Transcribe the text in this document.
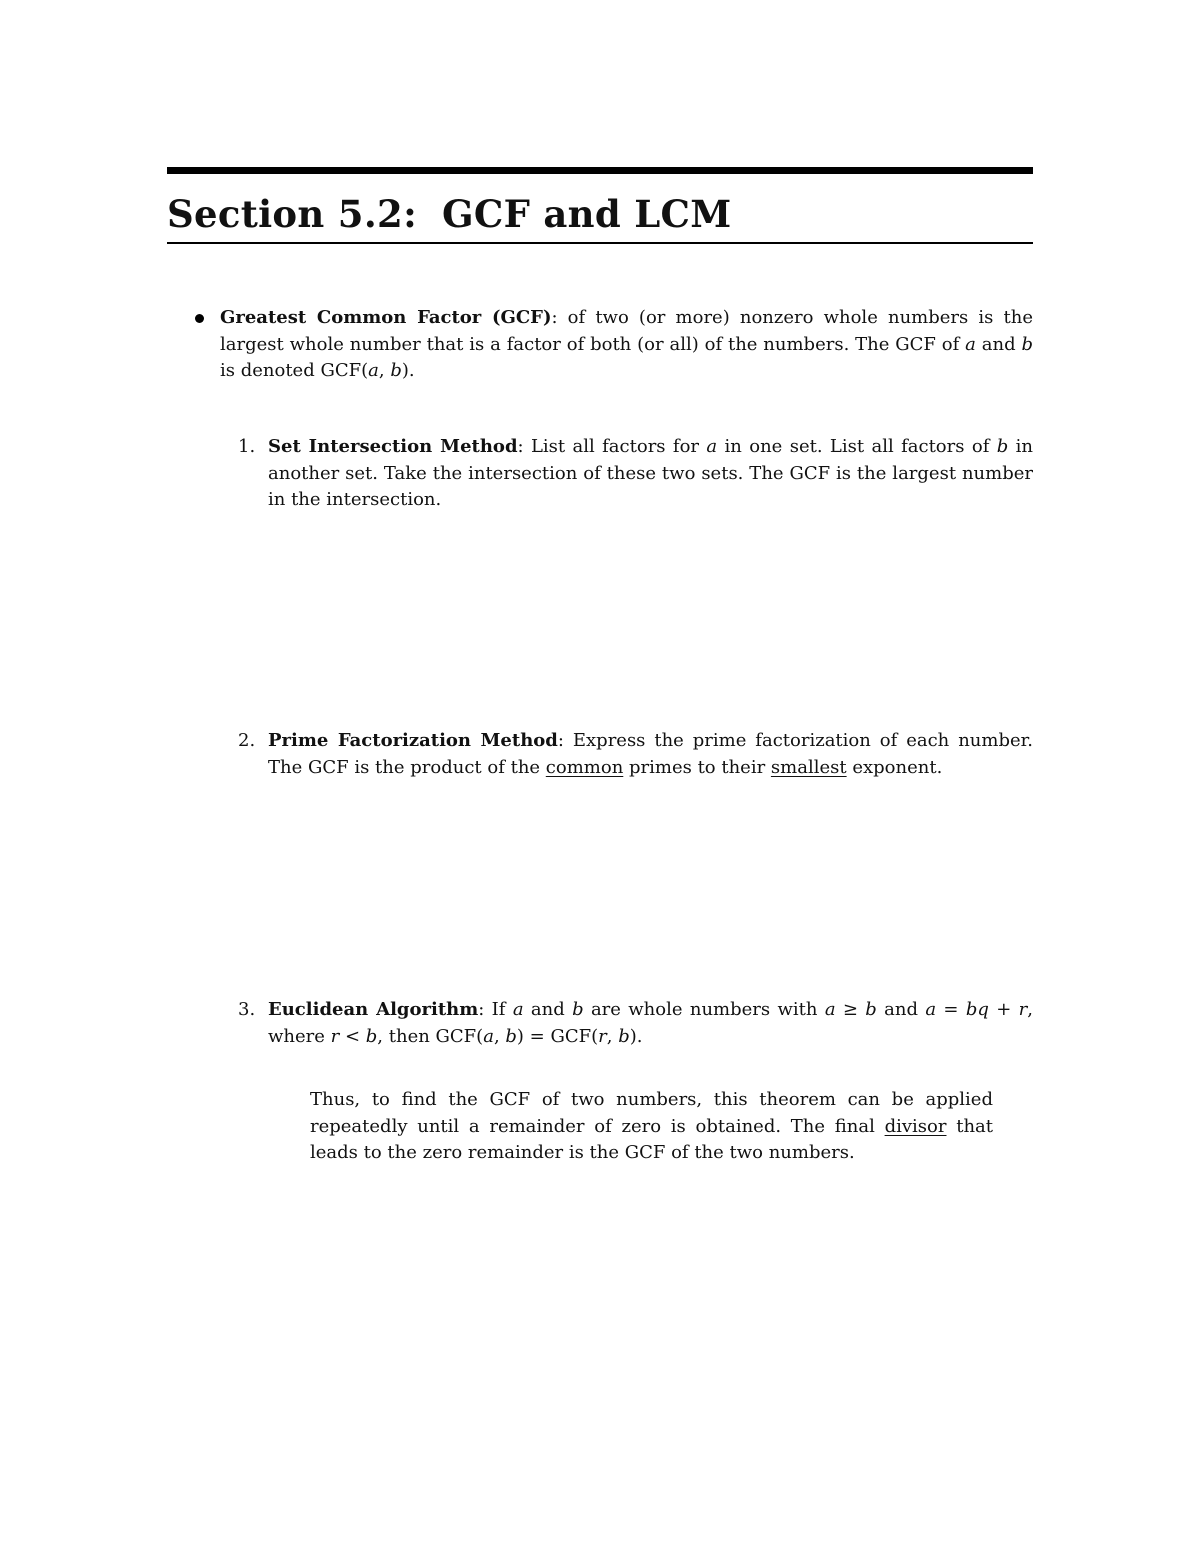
Section 5.2: GCF and LCM
Greatest Common Factor (GCF): of two (or more) nonzero whole numbers is the largest whole number that is a factor of both (or all) of the numbers. The GCF of a and b is denoted GCF(a, b).
1. Set Intersection Method: List all factors for a in one set. List all factors of b in another set. Take the intersection of these two sets. The GCF is the largest number in the intersection.
2. Prime Factorization Method: Express the prime factorization of each number. The GCF is the product of the common primes to their smallest exponent.
3. Euclidean Algorithm: If a and b are whole numbers with a ≥ b and a = bq + r, where r < b, then GCF(a, b) = GCF(r, b).
Thus, to find the GCF of two numbers, this theorem can be applied repeatedly until a remainder of zero is obtained. The final divisor that leads to the zero remainder is the GCF of the two numbers.
